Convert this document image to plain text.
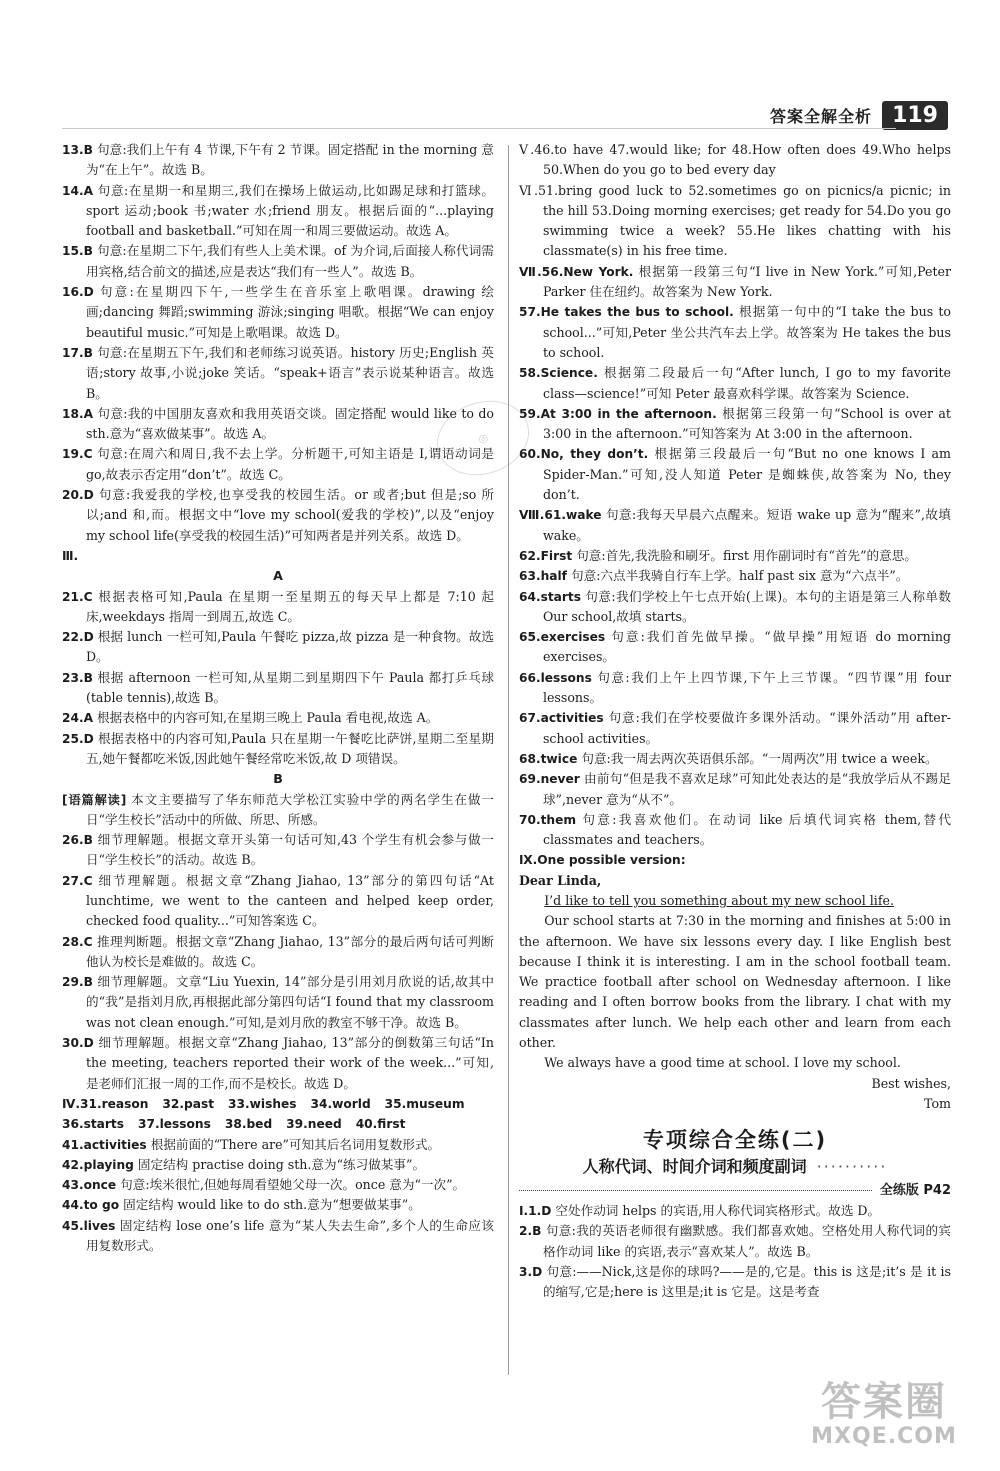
答案全解全析 119

13.B 句意:我们上午有 4 节课,下午有 2 节课。固定搭配 in the morning 意为“在上午”。故选 B。

14.A 句意:在星期一和星期三,我们在操场上做运动,比如踢足球和打篮球。sport 运动;book 书;water 水;friend 朋友。根据后面的“...playing football and basketball.”可知在周一和周三要做运动。故选 A。

15.B 句意:在星期二下午,我们有些人上美术课。of 为介词,后面接人称代词需用宾格,结合前文的描述,应是表达“我们有一些人”。故选 B。

16.D 句意:在星期四下午,一些学生在音乐室上歌唱课。drawing 绘画;dancing 舞蹈;swimming 游泳;singing 唱歌。根据“We can enjoy beautiful music.”可知是上歌唱课。故选 D。

17.B 句意:在星期五下午,我们和老师练习说英语。history 历史;English 英语;story 故事,小说;joke 笑话。“speak+语言”表示说某种语言。故选 B。

18.A 句意:我的中国朋友喜欢和我用英语交谈。固定搭配 would like to do sth.意为“喜欢做某事”。故选 A。

19.C 句意:在周六和周日,我不去上学。分析题干,可知主语是 I,谓语动词是 go,故表示否定用“don’t”。故选 C。

20.D 句意:我爱我的学校,也享受我的校园生活。or 或者;but 但是;so 所以;and 和,而。根据文中“love my school(爱我的学校)”,以及“enjoy my school life(享受我的校园生活)”可知两者是并列关系。故选 D。

Ⅲ.

A

21.C 根据表格可知,Paula 在星期一至星期五的每天早上都是 7:10 起床,weekdays 指周一到周五,故选 C。

22.D 根据 lunch 一栏可知,Paula 午餐吃 pizza,故 pizza 是一种食物。故选 D。

23.B 根据 afternoon 一栏可知,从星期二到星期四下午 Paula 都打乒乓球(table tennis),故选 B。

24.A 根据表格中的内容可知,在星期三晚上 Paula 看电视,故选 A。

25.D 根据表格中的内容可知,Paula 只在星期一午餐吃比萨饼,星期二至星期五,她午餐都吃米饭,因此她午餐经常吃米饭,故 D 项错误。

B

[语篇解读] 本文主要描写了华东师范大学松江实验中学的两名学生在做一日“学生校长”活动中的所做、所思、所感。

26.B 细节理解题。根据文章开头第一句话可知,43 个学生有机会参与做一日“学生校长”的活动。故选 B。

27.C 细节理解题。根据文章“Zhang Jiahao, 13”部分的第四句话“At lunchtime, we went to the canteen and helped keep order, checked food quality...”可知答案选 C。

28.C 推理判断题。根据文章“Zhang Jiahao, 13”部分的最后两句话可判断他认为校长是难做的。故选 C。

29.B 细节理解题。文章“Liu Yuexin, 14”部分是引用刘月欣说的话,故其中的“我”是指刘月欣,再根据此部分第四句话“I found that my classroom was not clean enough.”可知,是刘月欣的教室不够干净。故选 B。

30.D 细节理解题。根据文章“Zhang Jiahao, 13”部分的倒数第三句话“In the meeting, teachers reported their work of the week...”可知,是老师们汇报一周的工作,而不是校长。故选 D。

Ⅳ.31.reason 32.past 33.wishes 34.world 35.museum
36.starts 37.lessons 38.bed 39.need 40.first

41.activities 根据前面的“There are”可知其后名词用复数形式。

42.playing 固定结构 practise doing sth.意为“练习做某事”。

43.once 句意:埃米很忙,但她每周看望她父母一次。once 意为“一次”。

44.to go 固定结构 would like to do sth.意为“想要做某事”。

45.lives 固定结构 lose one’s life 意为“某人失去生命”,多个人的生命应该用复数形式。

Ⅴ.46.to have 47.would like; for 48.How often does 49.Who helps 50.When do you go to bed every day

Ⅵ.51.bring good luck to 52.sometimes go on picnics/a picnic; in the hill 53.Doing morning exercises; get ready for 54.Do you go swimming twice a week? 55.He likes chatting with his classmate(s) in his free time.

Ⅶ.56.New York. 根据第一段第三句“I live in New York.”可知,Peter Parker 住在纽约。故答案为 New York.

57.He takes the bus to school. 根据第一句中的“I take the bus to school...”可知,Peter 坐公共汽车去上学。故答案为 He takes the bus to school.

58.Science. 根据第二段最后一句“After lunch, I go to my favorite class—science!”可知 Peter 最喜欢科学课。故答案为 Science.

59.At 3:00 in the afternoon. 根据第三段第一句“School is over at 3:00 in the afternoon.”可知答案为 At 3:00 in the afternoon.

60.No, they don’t. 根据第三段最后一句“But no one knows I am Spider-Man.”可知,没人知道 Peter 是蜘蛛侠,故答案为 No, they don’t.

Ⅷ.61.wake 句意:我每天早晨六点醒来。短语 wake up 意为“醒来”,故填 wake。

62.First 句意:首先,我洗脸和刷牙。first 用作副词时有“首先”的意思。

63.half 句意:六点半我骑自行车上学。half past six 意为“六点半”。

64.starts 句意:我们学校上午七点开始(上课)。本句的主语是第三人称单数 Our school,故填 starts。

65.exercises 句意:我们首先做早操。“做早操”用短语 do morning exercises。

66.lessons 句意:我们上午上四节课,下午上三节课。“四节课”用 four lessons。

67.activities 句意:我们在学校要做许多课外活动。“课外活动”用 after-school activities。

68.twice 句意:我一周去两次英语俱乐部。“一周两次”用 twice a week。

69.never 由前句“但是我不喜欢足球”可知此处表达的是“我放学后从不踢足球”,never 意为“从不”。

70.them 句意:我喜欢他们。在动词 like 后填代词宾格 them,替代 classmates and teachers。

Ⅸ.One possible version:

Dear Linda,

I’d like to tell you something about my new school life.

Our school starts at 7:30 in the morning and finishes at 5:00 in the afternoon. We have six lessons every day. I like English best because I think it is interesting. I am in the school football team. We practice football after school on Wednesday afternoon. I like reading and I often borrow books from the library. I chat with my classmates after lunch. We help each other and learn from each other.

We always have a good time at school. I love my school.

Best wishes,

Tom

专项综合全练(二)

人称代词、时间介词和频度副词 ··········

全练版 P42

Ⅰ.1.D 空处作动词 helps 的宾语,用人称代词宾格形式。故选 D。

2.B 句意:我的英语老师很有幽默感。我们都喜欢她。空格处用人称代词的宾格作动词 like 的宾语,表示“喜欢某人”。故选 B。

3.D 句意:——Nick,这是你的球吗?——是的,它是。this is 这是;it’s 是 it is 的缩写,它是;here is 这里是;it is 它是。这是考查

◎
答案圈
MXQE.COM
